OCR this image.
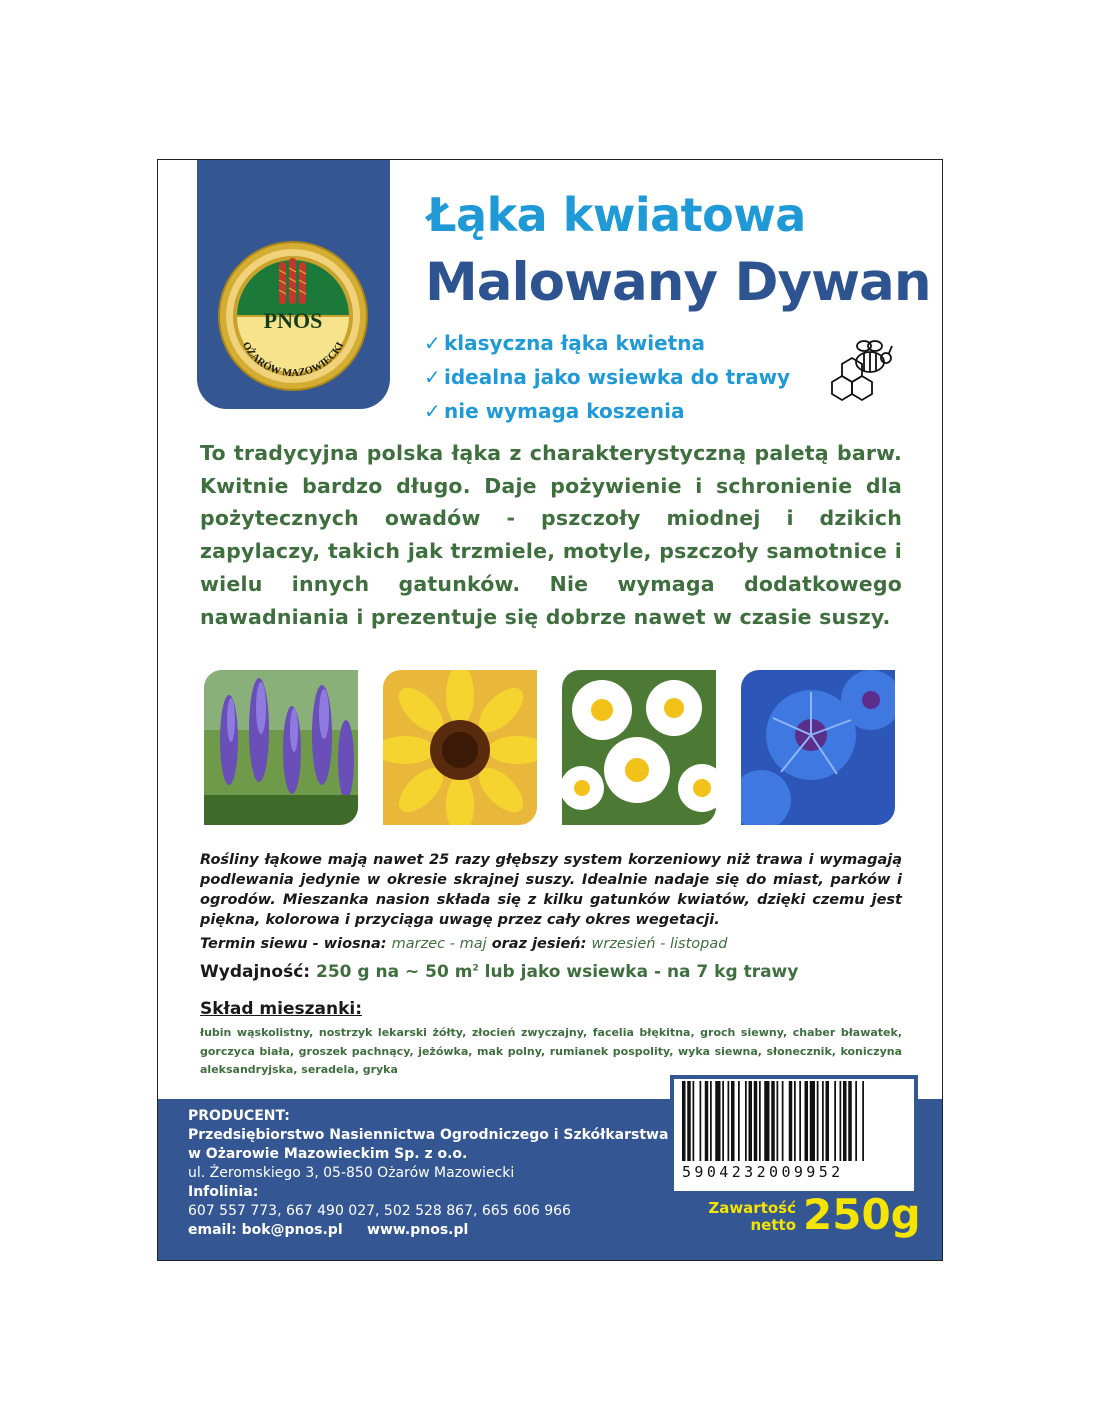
PNOS
OŻARÓW MAZOWIECKI
Łąka kwiatowa
Malowany Dywan
✓ klasyczna łąka kwietna
✓ idealna jako wsiewka do trawy
✓ nie wymaga koszenia
To tradycyjna polska łąka z charakterystyczną paletą barw. Kwitnie bardzo długo. Daje pożywienie i schronienie dla pożytecznych owadów - pszczoły miodnej i dzikich zapylaczy, takich jak trzmiele, motyle, pszczoły samotnice i wielu innych gatunków. Nie wymaga dodatkowego nawadniania i prezentuje się dobrze nawet w czasie suszy.
Rośliny łąkowe mają nawet 25 razy głębszy system korzeniowy niż trawa i wymagają podlewania jedynie w okresie skrajnej suszy. Idealnie nadaje się do miast, parków i ogrodów. Mieszanka nasion składa się z kilku gatunków kwiatów, dzięki czemu jest piękna, kolorowa i przyciąga uwagę przez cały okres wegetacji.
Termin siewu - wiosna: marzec - maj oraz jesień: wrzesień - listopad
Wydajność: 250 g na ~ 50 $m^2$ lub jako wsiewka - na 7 kg trawy
Skład mieszanki:
łubin wąskolistny, nostrzyk lekarski żółty, złocień zwyczajny, facelia błękitna, groch siewny, chaber bławatek, gorczyca biała, groszek pachnący, jeżówka, mak polny, rumianek pospolity, wyka siewna, słonecznik, koniczyna aleksandryjska, seradela, gryka
PRODUCENT:
Przedsiębiorstwo Nasiennictwa Ogrodniczego i Szkółkarstwa
w Ożarowie Mazowieckim Sp. z o.o.
ul. Żeromskiego 3, 05-850 Ożarów Mazowiecki
Infolinia:
607 557 773, 667 490 027, 502 528 867, 665 606 966
email: bok@pnos.pl www.pnos.pl
5904232009952
Zawartość
netto 250g
